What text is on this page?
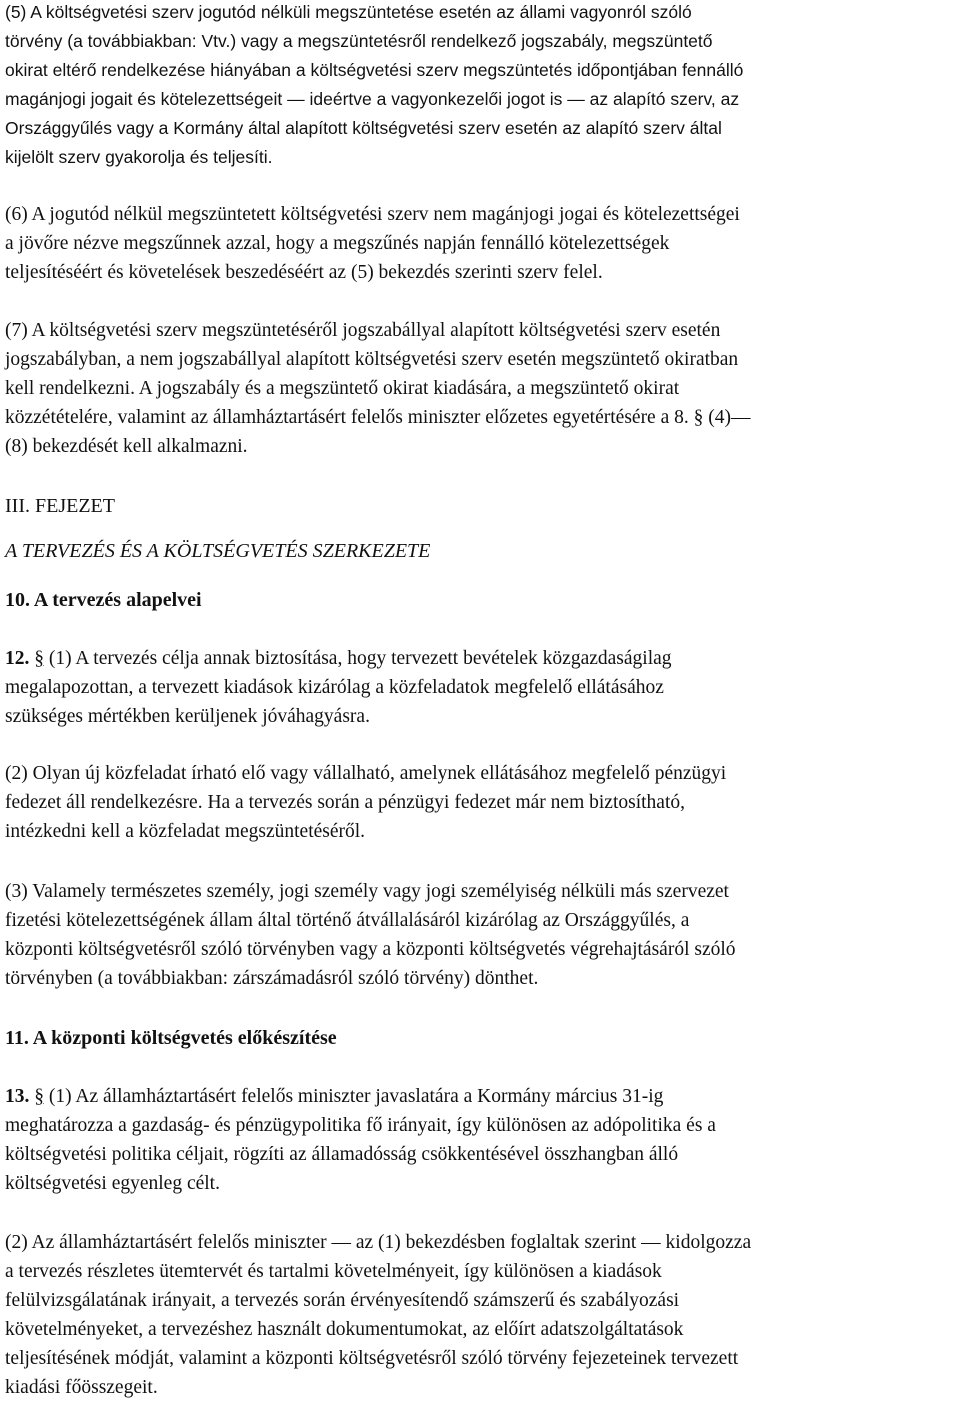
(5) A költségvetési szerv jogutód nélküli megszüntetése esetén az állami vagyonról szóló
törvény (a továbbiakban: Vtv.) vagy a megszüntetésről rendelkező jogszabály, megszüntető
okirat eltérő rendelkezése hiányában a költségvetési szerv megszüntetés időpontjában fennálló
magánjogi jogait és kötelezettségeit ― ideértve a vagyonkezelői jogot is ― az alapító szerv, az
Országgyűlés vagy a Kormány által alapított költségvetési szerv esetén az alapító szerv által
kijelölt szerv gyakorolja és teljesíti.
(6) A jogutód nélkül megszüntetett költségvetési szerv nem magánjogi jogai és kötelezettségei
a jövőre nézve megszűnnek azzal, hogy a megszűnés napján fennálló kötelezettségek
teljesítéséért és követelések beszedéséért az (5) bekezdés szerinti szerv felel.
(7) A költségvetési szerv megszüntetéséről jogszabállyal alapított költségvetési szerv esetén
jogszabályban, a nem jogszabállyal alapított költségvetési szerv esetén megszüntető okiratban
kell rendelkezni. A jogszabály és a megszüntető okirat kiadására, a megszüntető okirat
közzétételére, valamint az államháztartásért felelős miniszter előzetes egyetértésére a 8. § (4)―
(8) bekezdését kell alkalmazni.
III. FEJEZET
A TERVEZÉS ÉS A KÖLTSÉGVETÉS SZERKEZETE
10. A tervezés alapelvei
12. § (1) A tervezés célja annak biztosítása, hogy tervezett bevételek közgazdaságilag
megalapozottan, a tervezett kiadások kizárólag a közfeladatok megfelelő ellátásához
szükséges mértékben kerüljenek jóváhagyásra.
(2) Olyan új közfeladat írható elő vagy vállalható, amelynek ellátásához megfelelő pénzügyi
fedezet áll rendelkezésre. Ha a tervezés során a pénzügyi fedezet már nem biztosítható,
intézkedni kell a közfeladat megszüntetéséről.
(3) Valamely természetes személy, jogi személy vagy jogi személyiség nélküli más szervezet
fizetési kötelezettségének állam által történő átvállalásáról kizárólag az Országgyűlés, a
központi költségvetésről szóló törvényben vagy a központi költségvetés végrehajtásáról szóló
törvényben (a továbbiakban: zárszámadásról szóló törvény) dönthet.
11. A központi költségvetés előkészítése
13. § (1) Az államháztartásért felelős miniszter javaslatára a Kormány március 31-ig
meghatározza a gazdaság- és pénzügypolitika fő irányait, így különösen az adópolitika és a
költségvetési politika céljait, rögzíti az államadósság csökkentésével összhangban álló
költségvetési egyenleg célt.
(2) Az államháztartásért felelős miniszter ― az (1) bekezdésben foglaltak szerint ― kidolgozza
a tervezés részletes ütemtervét és tartalmi követelményeit, így különösen a kiadások
felülvizsgálatának irányait, a tervezés során érvényesítendő számszerű és szabályozási
követelményeket, a tervezéshez használt dokumentumokat, az előírt adatszolgáltatások
teljesítésének módját, valamint a központi költségvetésről szóló törvény fejezeteinek tervezett
kiadási főösszegeit.
